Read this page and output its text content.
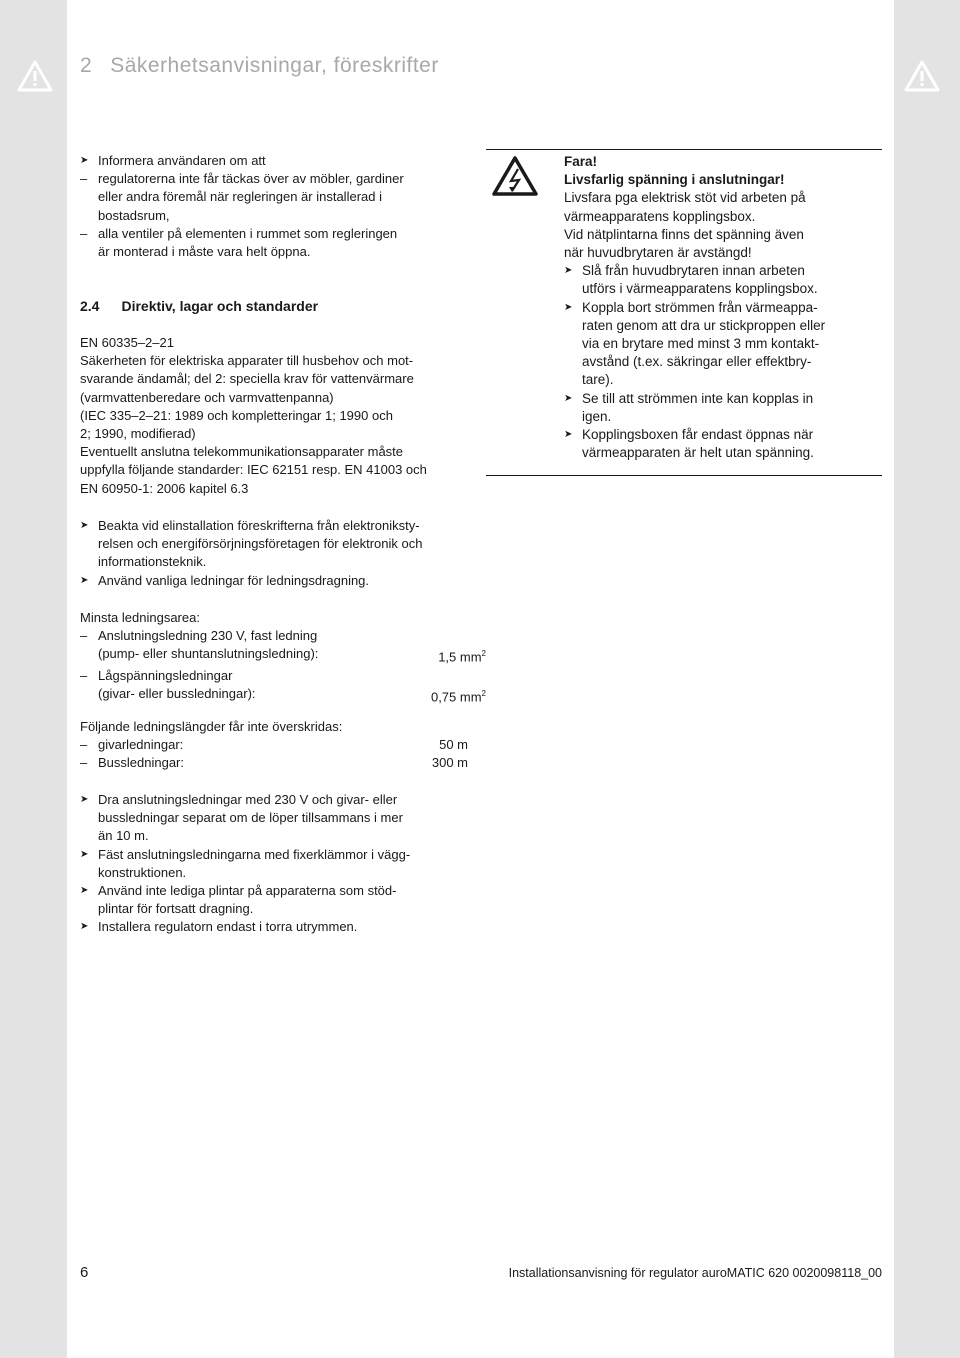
2 Säkerhetsanvisningar, föreskrifter
➤ Informera användaren om att
– regulatorerna inte får täckas över av möbler, gardiner
eller andra föremål när regleringen är installerad i
bostadsrum,
– alla ventiler på elementen i rummet som regleringen
är monterad i måste vara helt öppna.
2.4 Direktiv, lagar och standarder
EN 60335–2–21
Säkerheten för elektriska apparater till husbehov och mot-
svarande ändamål; del 2: speciella krav för vattenvärmare
(varmvattenberedare och varmvattenpanna)
(IEC 335–2–21: 1989 och kompletteringar 1; 1990 och
2; 1990, modifierad)
Eventuellt anslutna telekommunikationsapparater måste
uppfylla följande standarder: IEC 62151 resp. EN 41003 och
EN 60950-1: 2006 kapitel 6.3
➤ Beakta vid elinstallation föreskrifterna från elektroniksty-
relsen och energiförsörjningsföretagen för elektronik och
informationsteknik.
➤ Använd vanliga ledningar för ledningsdragning.
Minsta ledningsarea:
– Anslutningsledning 230 V, fast ledning
(pump- eller shuntanslutningsledning):	1,5 $mm^2$
– Lågspänningsledningar
(givar- eller bussledningar):	0,75 $mm^2$
Följande ledningslängder får inte överskridas:
– givarledningar:	50 m
– Bussledningar:	300 m
➤ Dra anslutningsledningar med 230 V och givar- eller
bussledningar separat om de löper tillsammans i mer
än 10 m.
➤ Fäst anslutningsledningarna med fixerklämmor i vägg-
konstruktionen.
➤ Använd inte lediga plintar på apparaterna som stöd-
plintar för fortsatt dragning.
➤ Installera regulatorn endast i torra utrymmen.
Fara!
Livsfarlig spänning i anslutningar!
Livsfara pga elektrisk stöt vid arbeten på
värmeapparatens kopplingsbox.
Vid nätplintarna finns det spänning även
när huvudbrytaren är avstängd!
➤ Slå från huvudbrytaren innan arbeten
utförs i värmeapparatens kopplingsbox.
➤ Koppla bort strömmen från värmeappa-
raten genom att dra ur stickproppen eller
via en brytare med minst 3 mm kontakt-
avstånd (t.ex. säkringar eller effektbry-
tare).
➤ Se till att strömmen inte kan kopplas in
igen.
➤ Kopplingsboxen får endast öppnas när
värmeapparaten är helt utan spänning.
6	Installationsanvisning för regulator auroMATIC 620 0020098118_00
